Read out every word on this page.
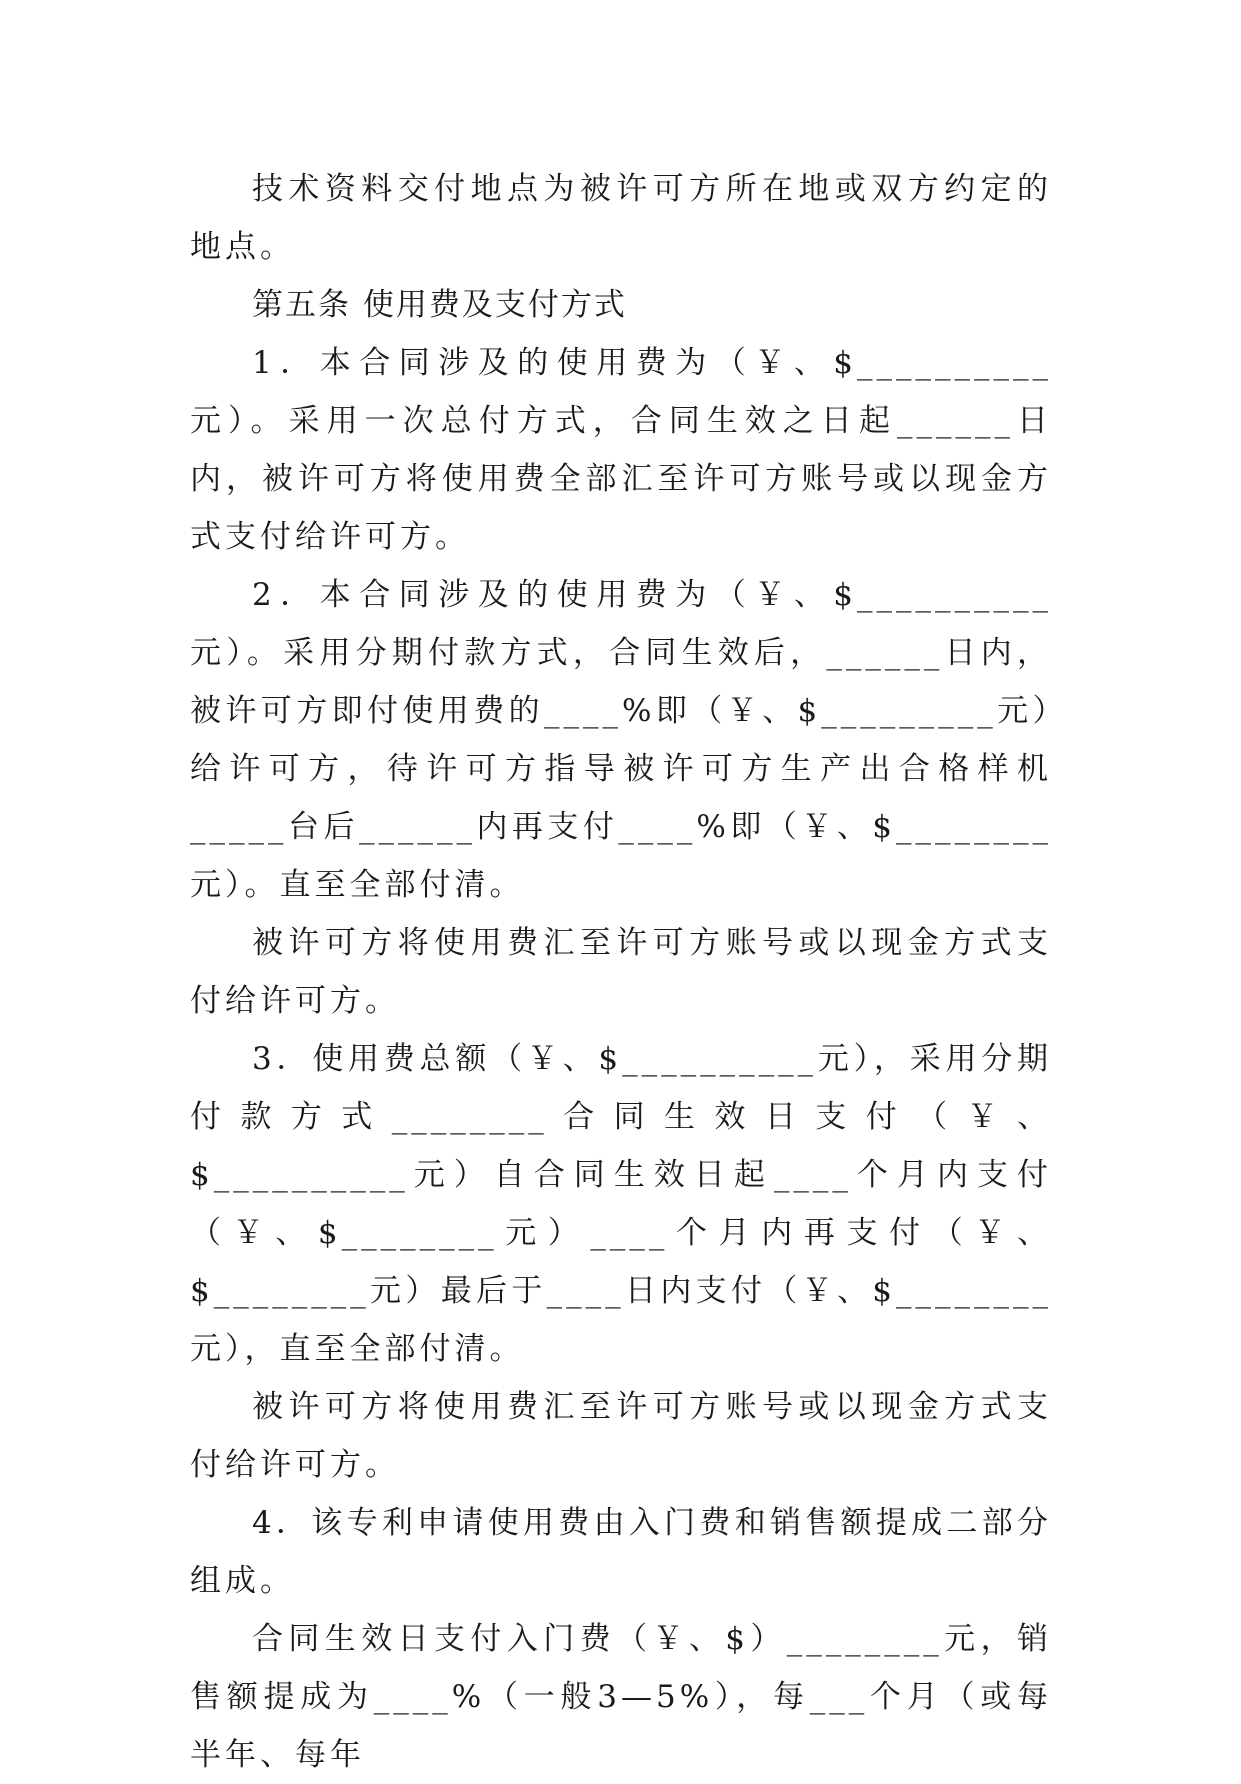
技术资料交付地点为被许可方所在地或双方约定的地点。

第五条 使用费及支付方式

1．本合同涉及的使用费为（￥、$__________元）。采用一次总付方式，合同生效之日起______日内，被许可方将使用费全部汇至许可方账号或以现金方式支付给许可方。

2．本合同涉及的使用费为（￥、$__________元）。采用分期付款方式，合同生效后，______日内，被许可方即付使用费的____%即（￥、$_________元）给许可方，待许可方指导被许可方生产出合格样机 _____台后______内再支付____%即（￥、$________元）。直至全部付清。

被许可方将使用费汇至许可方账号或以现金方式支付给许可方。

3．使用费总额（￥、$__________元），采用分期付款方式________合同生效日支付（￥、$__________元）自合同生效日起____个月内支付（￥、$________元）____个月内再支付（￥、$________元）最后于____日内支付（￥、$________元），直至全部付清。

被许可方将使用费汇至许可方账号或以现金方式支付给许可方。

4．该专利申请使用费由入门费和销售额提成二部分组成。

合同生效日支付入门费（￥、$）________元，销售额提成为____%（一般3—5%），每___个月（或每半年、每年
